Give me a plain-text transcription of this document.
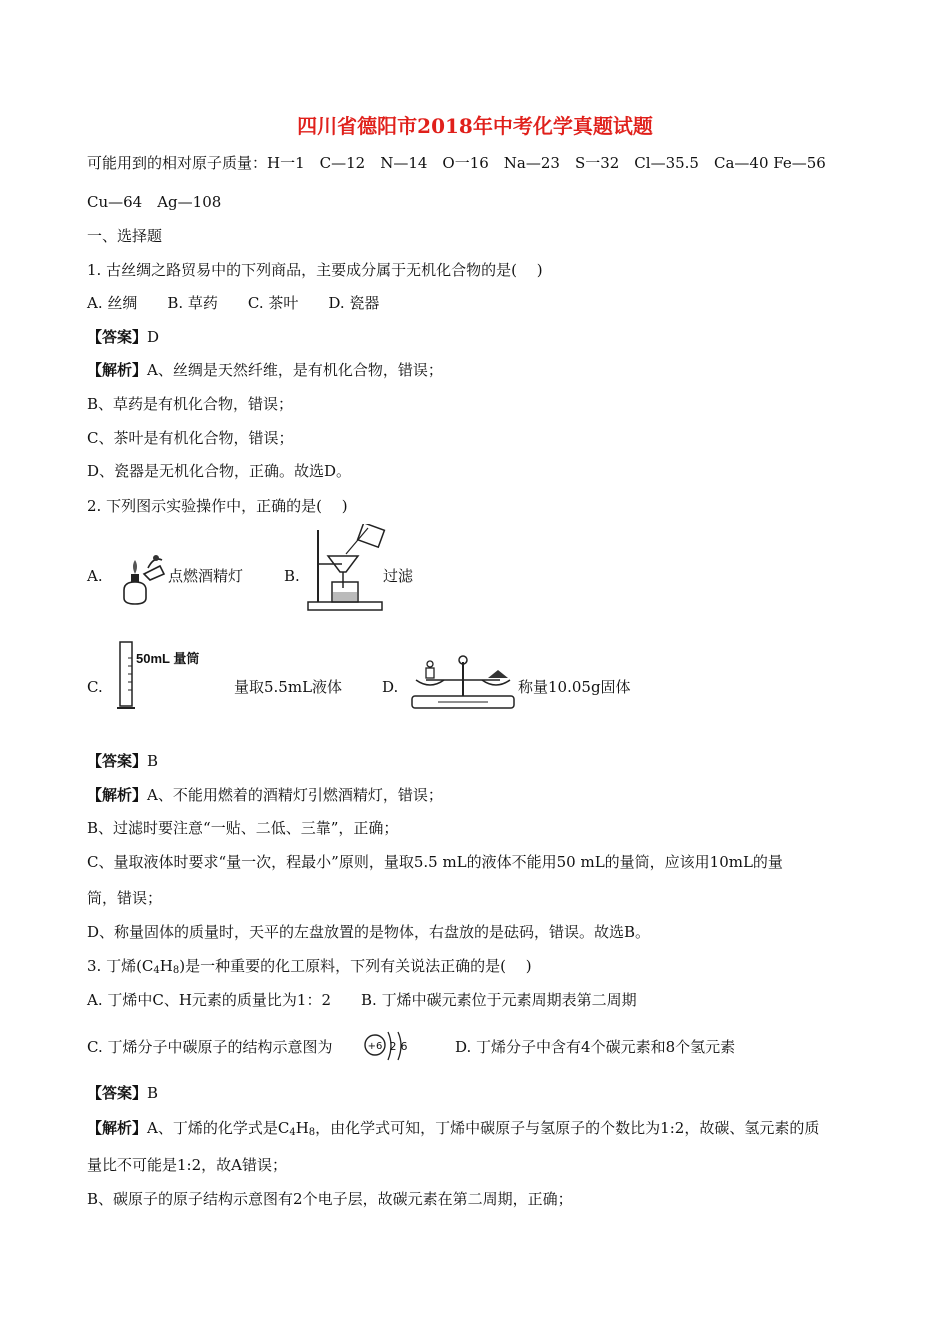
四川省德阳市2018年中考化学真题试题
可能用到的相对原子质量：H一1　C—12　N—14　O一16　Na—23　S一32　Cl—35.5　Ca—40 Fe—56
Cu—64　Ag—108
一、选择题
1. 古丝绸之路贸易中的下列商品，主要成分属于无机化合物的是(　 )
A. 丝绸　　B. 草药　　C. 茶叶　　D. 瓷器
【答案】D
【解析】A、丝绸是天然纤维，是有机化合物，错误；
B、草药是有机化合物，错误；
C、茶叶是有机化合物，错误；
D、瓷器是无机化合物，正确。故选D。
2. 下列图示实验操作中，正确的是(　 )
A.	点燃酒精灯	B.	过滤
C.
50mL 量筒
量取5.5mL液体	D.	称量10.05g固体
【答案】B
【解析】A、不能用燃着的酒精灯引燃酒精灯，错误；
B、过滤时要注意“一贴、二低、三靠”，正确；
C、量取液体时要求“量一次，程最小”原则，量取5.5 mL的液体不能用50 mL的量筒，应该用10mL的量
筒，错误；
D、称量固体的质量时，天平的左盘放置的是物体，右盘放的是砝码，错误。故选B。
3. 丁烯$(C_4H_8)$是一种重要的化工原料，下列有关说法正确的是(　 )
A. 丁烯中C、H元素的质量比为1：2　　B. 丁烯中碳元素位于元素周期表第二周期
C. 丁烯分子中碳原子的结构示意图为	+6 2 6	D. 丁烯分子中含有4个碳元素和8个氢元素
【答案】B
【解析】A、丁烯的化学式是$C_4H_8$，由化学式可知，丁烯中碳原子与氢原子的个数比为1:2，故碳、氢元素的质
量比不可能是1:2，故A错误；
B、碳原子的原子结构示意图有2个电子层，故碳元素在第二周期，正确；
